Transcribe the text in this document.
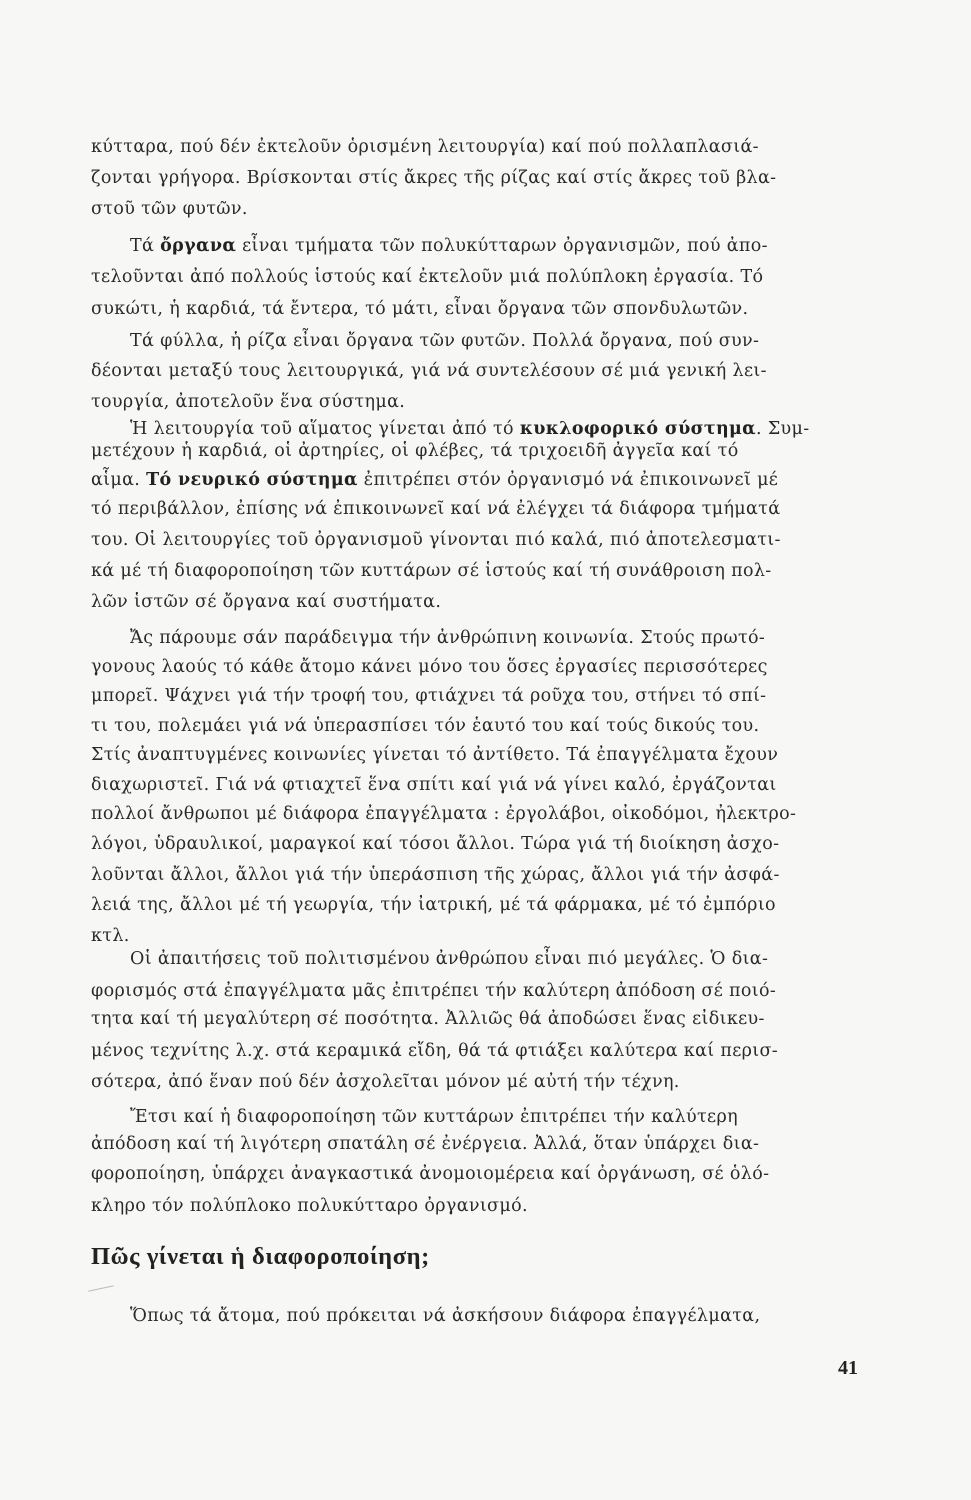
κύτταρα, πού δέν ἐκτελοῦν ὁρισμένη λειτουργία) καί πού πολλαπλασιά-
ζονται γρήγορα. Βρίσκονται στίς ἄκρες τῆς ρίζας καί στίς ἄκρες τοῦ βλα-
στοῦ τῶν φυτῶν.
Τά ὄργανα εἶναι τμήματα τῶν πολυκύτταρων ὀργανισμῶν, πού ἀπο-
τελοῦνται ἀπό πολλούς ἱστούς καί ἐκτελοῦν μιά πολύπλοκη ἐργασία. Τό
συκώτι, ἡ καρδιά, τά ἔντερα, τό μάτι, εἶναι ὄργανα τῶν σπονδυλωτῶν.
Τά φύλλα, ἡ ρίζα εἶναι ὄργανα τῶν φυτῶν. Πολλά ὄργανα, πού συν-
δέονται μεταξύ τους λειτουργικά, γιά νά συντελέσουν σέ μιά γενική λει-
τουργία, ἀποτελοῦν ἕνα σύστημα.
Ἡ λειτουργία τοῦ αἵματος γίνεται ἀπό τό κυκλοφορικό σύστημα. Συμ-
μετέχουν ἡ καρδιά, οἱ ἀρτηρίες, οἱ φλέβες, τά τριχοειδῆ ἀγγεῖα καί τό
αἷμα. Τό νευρικό σύστημα ἐπιτρέπει στόν ὀργανισμό νά ἐπικοινωνεῖ μέ
τό περιβάλλον, ἐπίσης νά ἐπικοινωνεῖ καί νά ἐλέγχει τά διάφορα τμήματά
του. Οἱ λειτουργίες τοῦ ὀργανισμοῦ γίνονται πιό καλά, πιό ἀποτελεσματι-
κά μέ τή διαφοροποίηση τῶν κυττάρων σέ ἱστούς καί τή συνάθροιση πολ-
λῶν ἱστῶν σέ ὄργανα καί συστήματα.
Ἄς πάρουμε σάν παράδειγμα τήν ἀνθρώπινη κοινωνία. Στούς πρωτό-
γονους λαούς τό κάθε ἄτομο κάνει μόνο του ὅσες ἐργασίες περισσότερες
μπορεῖ. Ψάχνει γιά τήν τροφή του, φτιάχνει τά ροῦχα του, στήνει τό σπί-
τι του, πολεμάει γιά νά ὑπερασπίσει τόν ἑαυτό του καί τούς δικούς του.
Στίς ἀναπτυγμένες κοινωνίες γίνεται τό ἀντίθετο. Τά ἐπαγγέλματα ἔχουν
διαχωριστεῖ. Γιά νά φτιαχτεῖ ἕνα σπίτι καί γιά νά γίνει καλό, ἐργάζονται
πολλοί ἄνθρωποι μέ διάφορα ἐπαγγέλματα : ἐργολάβοι, οἰκοδόμοι, ἠλεκτρο-
λόγοι, ὑδραυλικοί, μαραγκοί καί τόσοι ἄλλοι. Τώρα γιά τή διοίκηση ἀσχο-
λοῦνται ἄλλοι, ἄλλοι γιά τήν ὑπεράσπιση τῆς χώρας, ἄλλοι γιά τήν ἀσφά-
λειά της, ἄλλοι μέ τή γεωργία, τήν ἰατρική, μέ τά φάρμακα, μέ τό ἐμπόριο
κτλ.
Οἱ ἀπαιτήσεις τοῦ πολιτισμένου ἀνθρώπου εἶναι πιό μεγάλες. Ὁ δια-
φορισμός στά ἐπαγγέλματα μᾶς ἐπιτρέπει τήν καλύτερη ἀπόδοση σέ ποιό-
τητα καί τή μεγαλύτερη σέ ποσότητα. Ἀλλιῶς θά ἀποδώσει ἕνας εἰδικευ-
μένος τεχνίτης λ.χ. στά κεραμικά εἴδη, θά τά φτιάξει καλύτερα καί περισ-
σότερα, ἀπό ἕναν πού δέν ἀσχολεῖται μόνον μέ αὐτή τήν τέχνη.
Ἔτσι καί ἡ διαφοροποίηση τῶν κυττάρων ἐπιτρέπει τήν καλύτερη
ἀπόδοση καί τή λιγότερη σπατάλη σέ ἐνέργεια. Ἀλλά, ὅταν ὑπάρχει δια-
φοροποίηση, ὑπάρχει ἀναγκαστικά ἀνομοιομέρεια καί ὀργάνωση, σέ ὁλό-
κληρο τόν πολύπλοκο πολυκύτταρο ὀργανισμό.
Πῶς γίνεται ἡ διαφοροποίηση;
Ὅπως τά ἄτομα, πού πρόκειται νά ἀσκήσουν διάφορα ἐπαγγέλματα,
41
